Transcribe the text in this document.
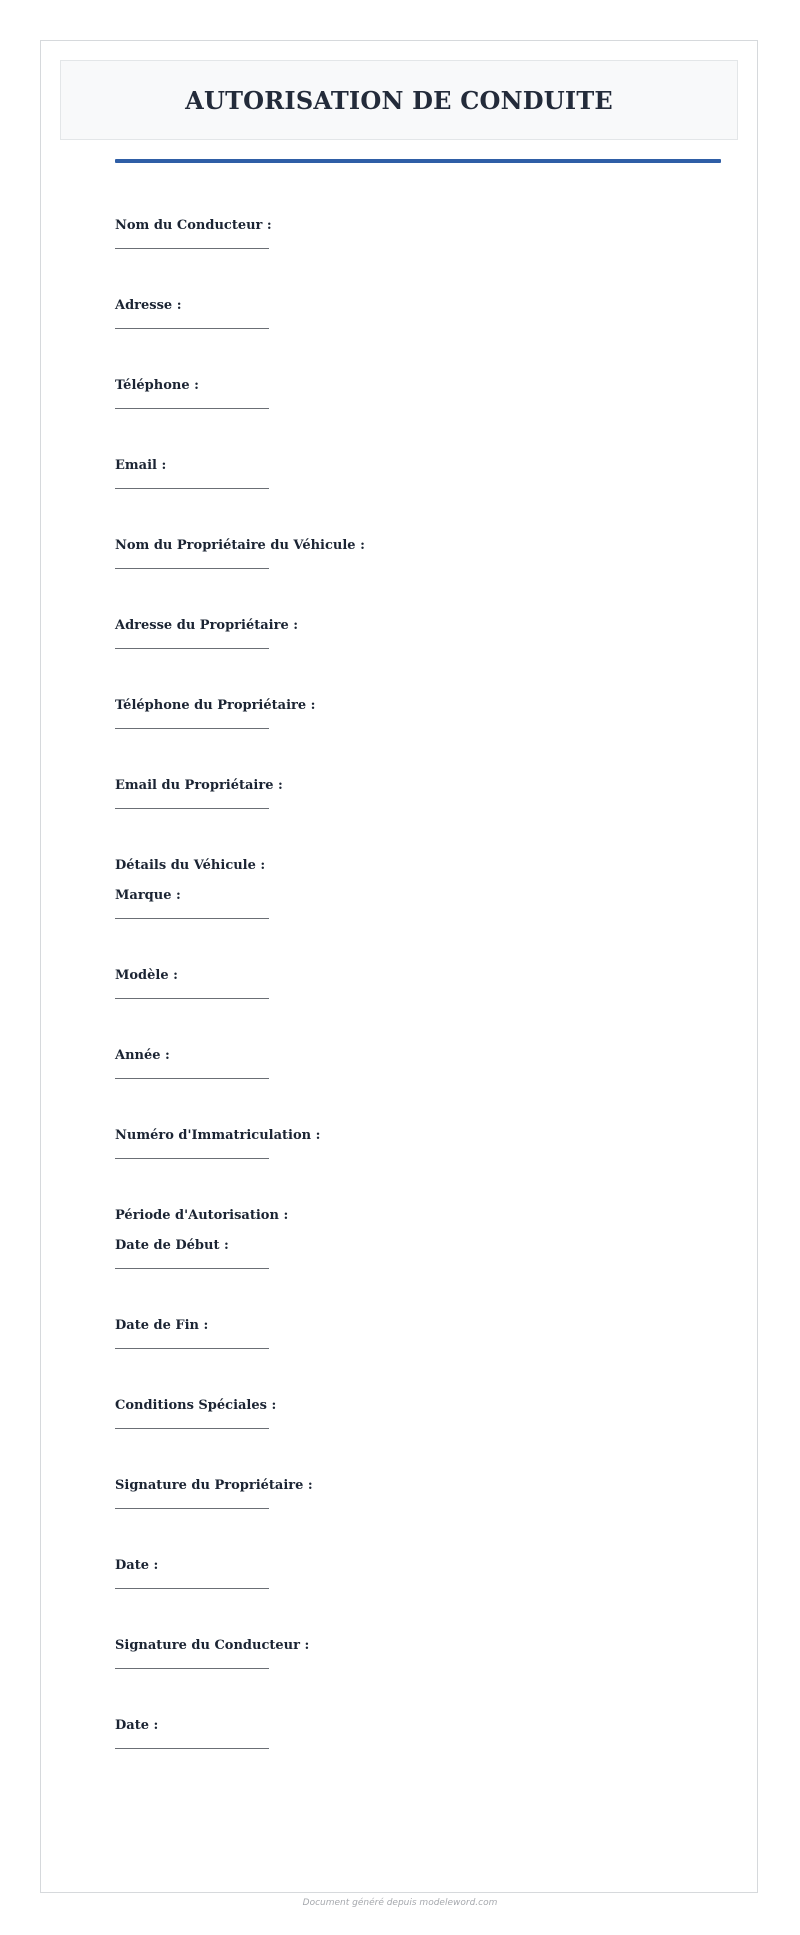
AUTORISATION DE CONDUITE
Nom du Conducteur :
Adresse :
Téléphone :
Email :
Nom du Propriétaire du Véhicule :
Adresse du Propriétaire :
Téléphone du Propriétaire :
Email du Propriétaire :
Détails du Véhicule :
Marque :
Modèle :
Année :
Numéro d'Immatriculation :
Période d'Autorisation :
Date de Début :
Date de Fin :
Conditions Spéciales :
Signature du Propriétaire :
Date :
Signature du Conducteur :
Date :
Document généré depuis modeleword.com
